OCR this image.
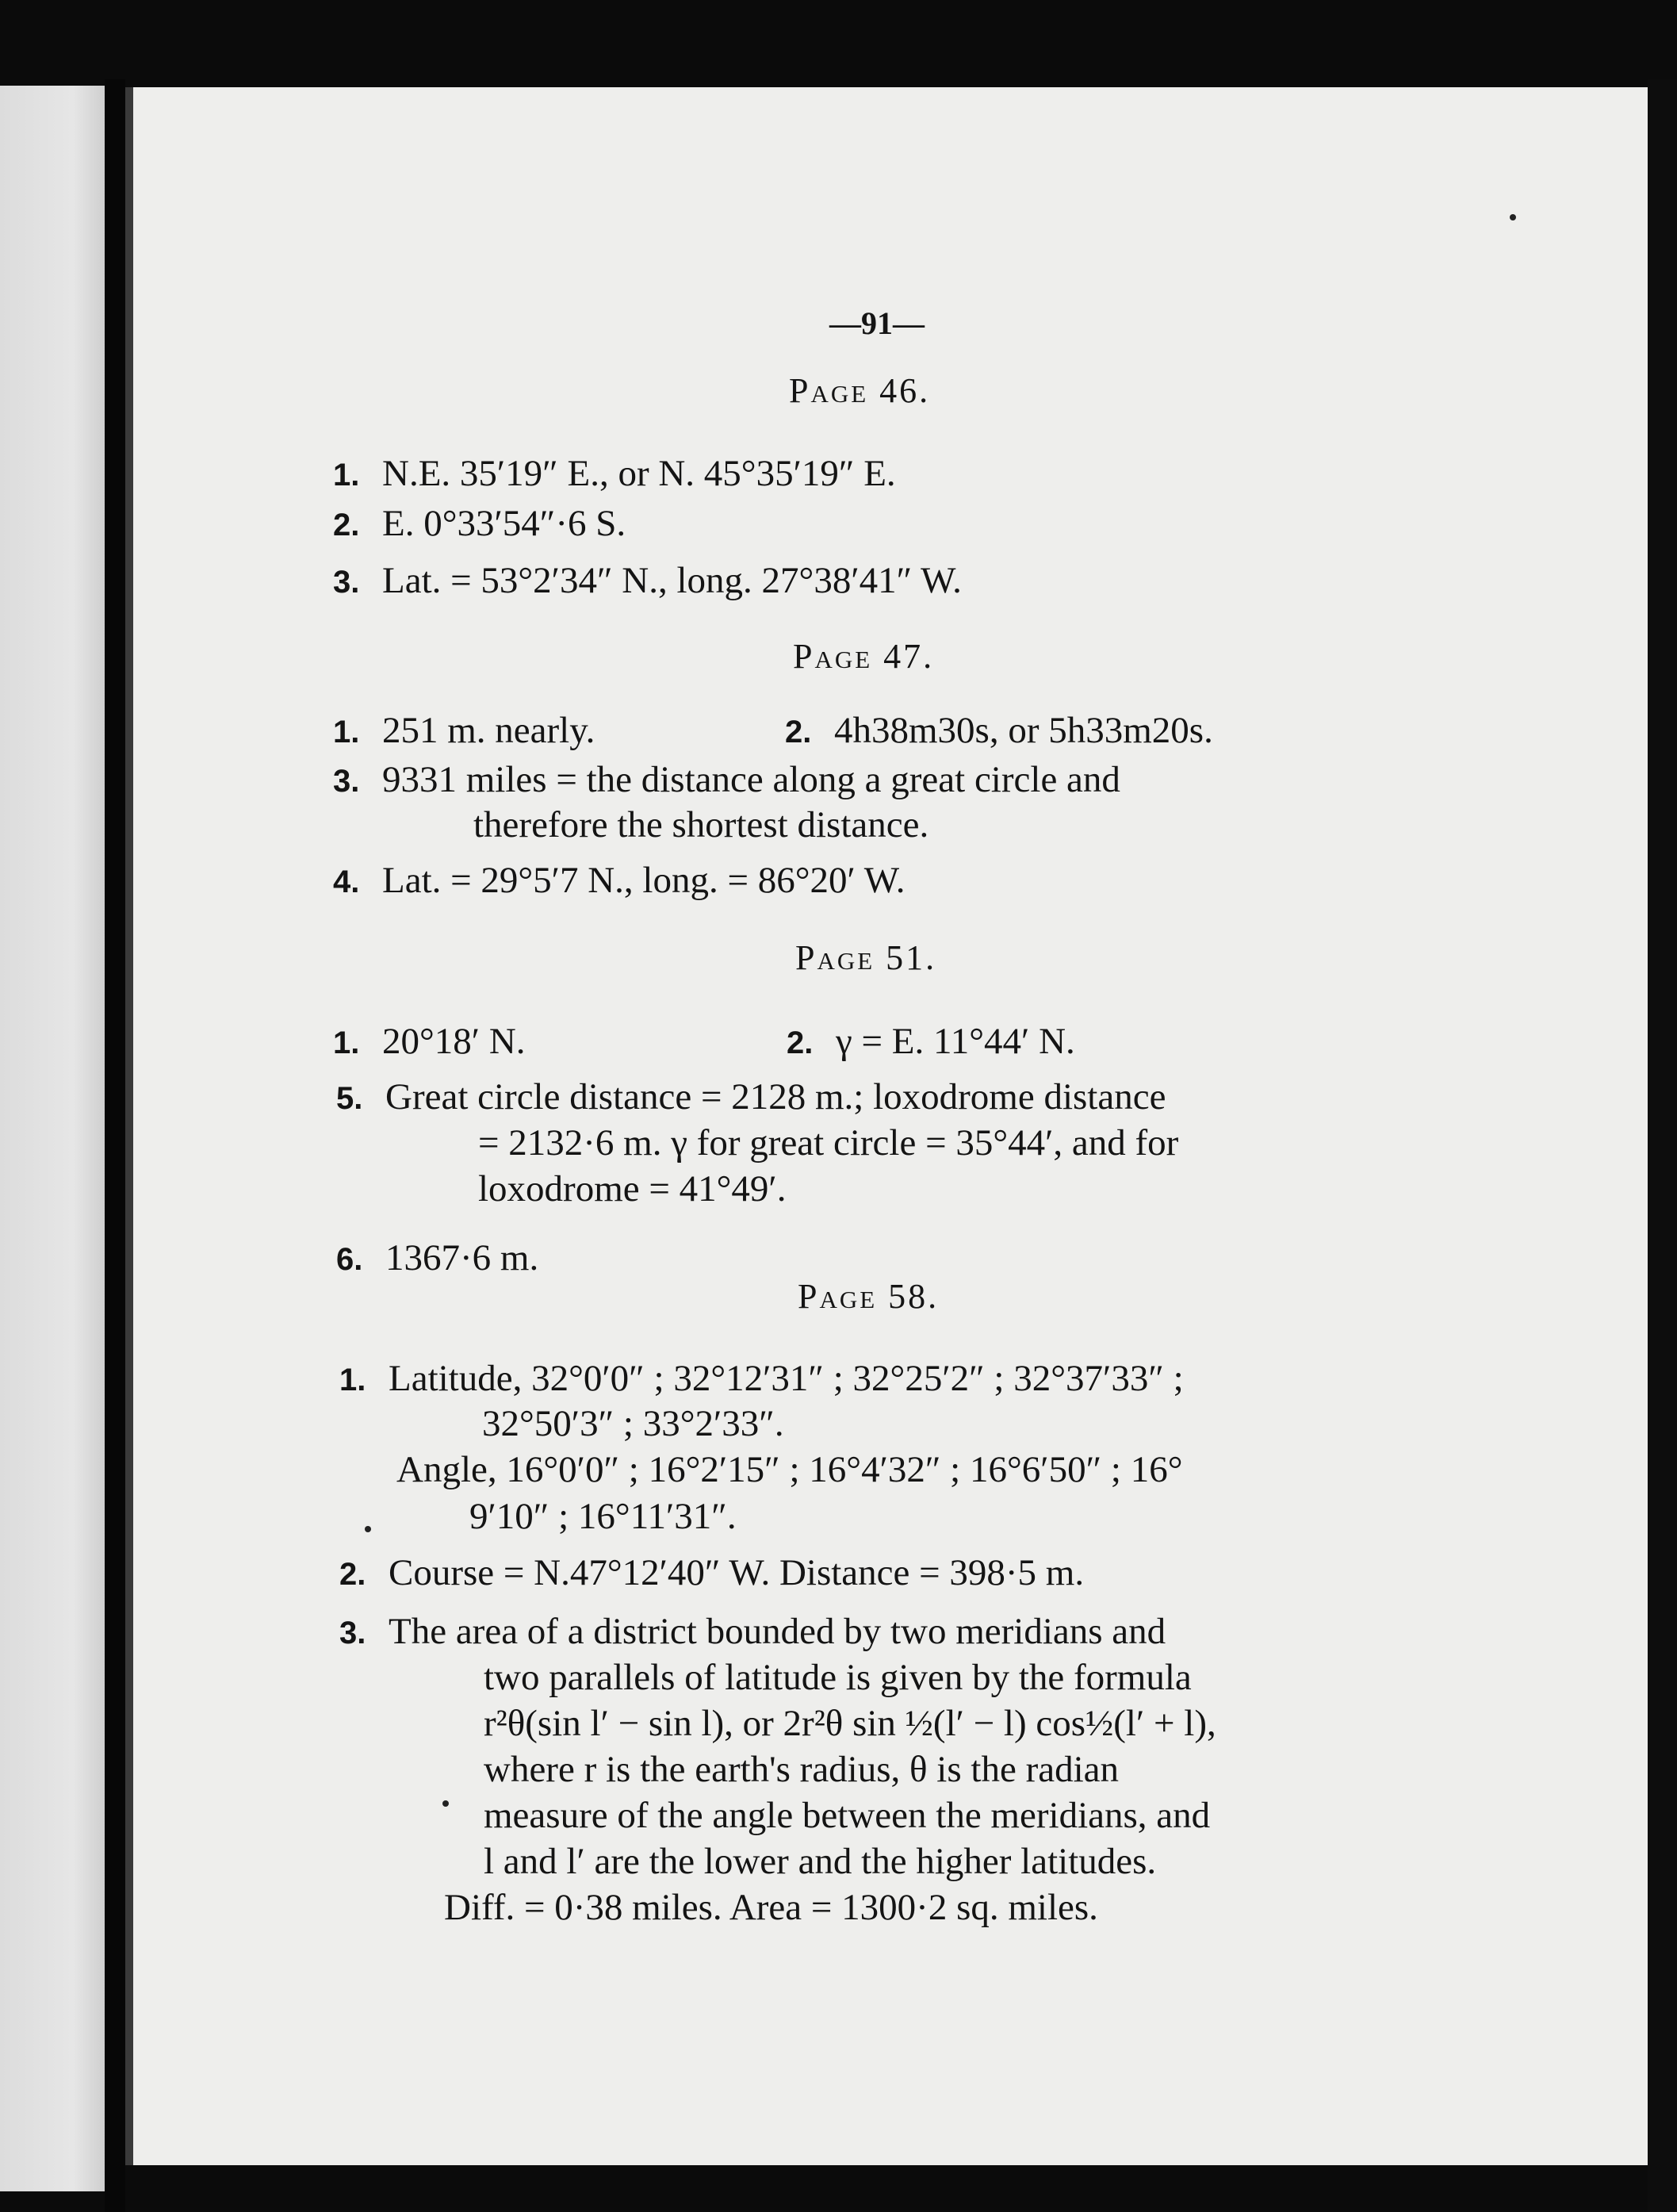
—91—
Page 46.
1. N.E. 35′19″ E., or N. 45°35′19″ E.
2. E. 0°33′54″·6 S.
3. Lat. = 53°2′34″ N., long. 27°38′41″ W.
Page 47.
1. 251 m. nearly.	2. 4h38m30s, or 5h33m20s.
3. 9331 miles = the distance along a great circle and
therefore the shortest distance.
4. Lat. = 29°5′7 N., long. = 86°20′ W.
Page 51.
1. 20°18′ N.	2. γ = E. 11°44′ N.
5. Great circle distance = 2128 m.; loxodrome distance
= 2132·6 m. γ for great circle = 35°44′, and for
loxodrome = 41°49′.
6. 1367·6 m.
Page 58.
1. Latitude, 32°0′0″ ; 32°12′31″ ; 32°25′2″ ; 32°37′33″ ;
32°50′3″ ; 33°2′33″.
Angle, 16°0′0″ ; 16°2′15″ ; 16°4′32″ ; 16°6′50″ ; 16°
9′10″ ; 16°11′31″.
2. Course = N.47°12′40″ W. Distance = 398·5 m.
3. The area of a district bounded by two meridians and
two parallels of latitude is given by the formula
r²θ(sin l′ − sin l), or 2r²θ sin ½(l′ − l) cos½(l′ + l),
where r is the earth's radius, θ is the radian
measure of the angle between the meridians, and
l and l′ are the lower and the higher latitudes.
Diff. = 0·38 miles. Area = 1300·2 sq. miles.
